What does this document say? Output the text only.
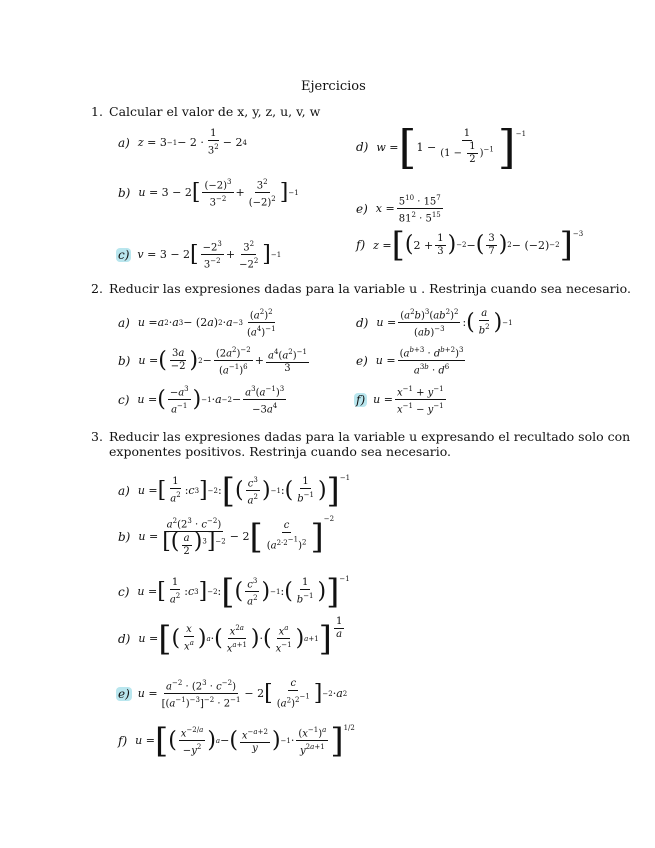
Ejercicios
1. Calcular el valor de x, y, z, u, v, w
a) $z = 3 -1 - 2 \cdot \frac{1}{3^2} - 2$ 4
b) u = 3 − 2 [ $\frac{(-2)^3}{3^{-2}} + \frac{3^2}{(-2)^2}$ ] −1
c) v = 3 − 2 [ $\frac{-2^3}{3^{-2}} + \frac{3^2}{-2^2}$ ] −1
d) w = [ $1 - \frac{1}{(1 - \frac{1}{2} )^{-1}} ]^{-1}$
e) $x = \frac{5^{10} \cdot 15^7}{81^2 \cdot 5^{15}}$
f) z = [ ( $2 + \frac{1}{3}$ ) −2 − ( $\frac{3}{7}$ ) 2 − (−2) −2 ]$^{-3}$
2. Reducir las expresiones dadas para la variable u . Restrinja cuando sea necesario.
a) u = a 2 · a 3 − (2 a ) $2 \cdot a -3 \frac{(a^2)^2}{(a^4)^{-1}}$
b) u = ( $\frac{3a}{-2}$ ) $2 - \frac{(2a^2)^{-2}}{(a^{-1})^6} + \frac{a^4(a^2)^{-1}}{3}$
c) u = ( $\frac{-a^3}{a^{-1}}$ ) $-1 \cdot a -2 - \frac{a^3(a^{-1})^3}{-3a^4}$
d) $u = \frac{(a^2b)^3(ab^2)^2}{(ab)^{-3}}$ : ( $\frac{a}{b^2}$ ) −1
e) $u = \frac{(a^{b+3} \cdot d^{b+2})^3}{a^{3b} \cdot d^6}$
f) $u = \frac{x^{-1} + y^{-1}}{x^{-1} - y^{-1}}$
3. Reducir las expresiones dadas para la variable u expresando el recultado solo con
exponentes positivos. Restrinja cuando sea necesario.
a) u = [ $\frac{1}{a^2}$ : c 3 ] −2 : [ ( $\frac{c^3}{a^2}$ ) −1 : ( $\frac{1}{b^{-1}}$ ) ]$^{-1}$
b) $u = \frac{a^2(2^3 \cdot c^{-2})}{[( \frac{a}{2} )^3]^{-2}} - 2$ [ $\frac{c}{(a^{2\cdot 2^{-1}})^2} ]^{-2}$
c) u = [ $\frac{1}{a^2}$ : c 3 ] −2 : [ ( $\frac{c^3}{a^2}$ ) −1 : ( $\frac{1}{b^{-1}}$ ) ]$^{-1}$
d) u = [ ( $\frac{x}{x^a}$ ) a · ( $\frac{x^{2a}}{x^{a+1}}$ ) · ( $\frac{x^a}{x^{-1}}$ ) a+1 ] $\frac{1}{a}$
e) $u = \frac{a^{-2} \cdot (2^3 \cdot c^{-2})}{[(a^{-1})^{-3}]^{-2} \cdot 2^{-1}} - 2$ [ $\frac{c}{(a^2)^{2^{-1}}}$ ] −2 · a 2
f) u = [ ( $\frac{x^{-2/a}}{-y^2}$ ) a − ( $\frac{x^{-a+2}}{y}$ ) $-1 \cdot \frac{(x^{-1})^a}{y^{2a+1}} ]^{1/2}$
